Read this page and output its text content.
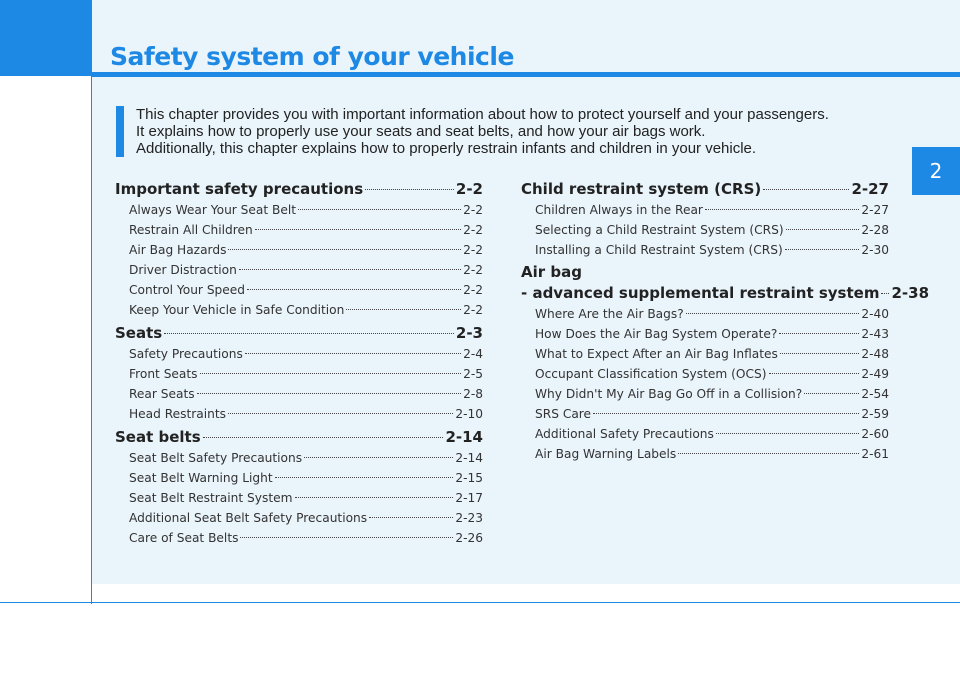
Safety system of your vehicle
This chapter provides you with important information about how to protect yourself and your passengers.
It explains how to properly use your seats and seat belts, and how your air bags work.
Additionally, this chapter explains how to properly restrain infants and children in your vehicle.
2
Important safety precautions	2-2
Always Wear Your Seat Belt	2-2
Restrain All Children	2-2
Air Bag Hazards	2-2
Driver Distraction	2-2
Control Your Speed	2-2
Keep Your Vehicle in Safe Condition	2-2
Seats	2-3
Safety Precautions	2-4
Front Seats	2-5
Rear Seats	2-8
Head Restraints	2-10
Seat belts	2-14
Seat Belt Safety Precautions	2-14
Seat Belt Warning Light	2-15
Seat Belt Restraint System	2-17
Additional Seat Belt Safety Precautions	2-23
Care of Seat Belts	2-26
Child restraint system (CRS)	2-27
Children Always in the Rear	2-27
Selecting a Child Restraint System (CRS)	2-28
Installing a Child Restraint System (CRS)	2-30
Air bag
- advanced supplemental restraint system 2-38
Where Are the Air Bags?	2-40
How Does the Air Bag System Operate?	2-43
What to Expect After an Air Bag Inflates	2-48
Occupant Classification System (OCS)	2-49
Why Didn't My Air Bag Go Off in a Collision?	2-54
SRS Care	2-59
Additional Safety Precautions	2-60
Air Bag Warning Labels	2-61
